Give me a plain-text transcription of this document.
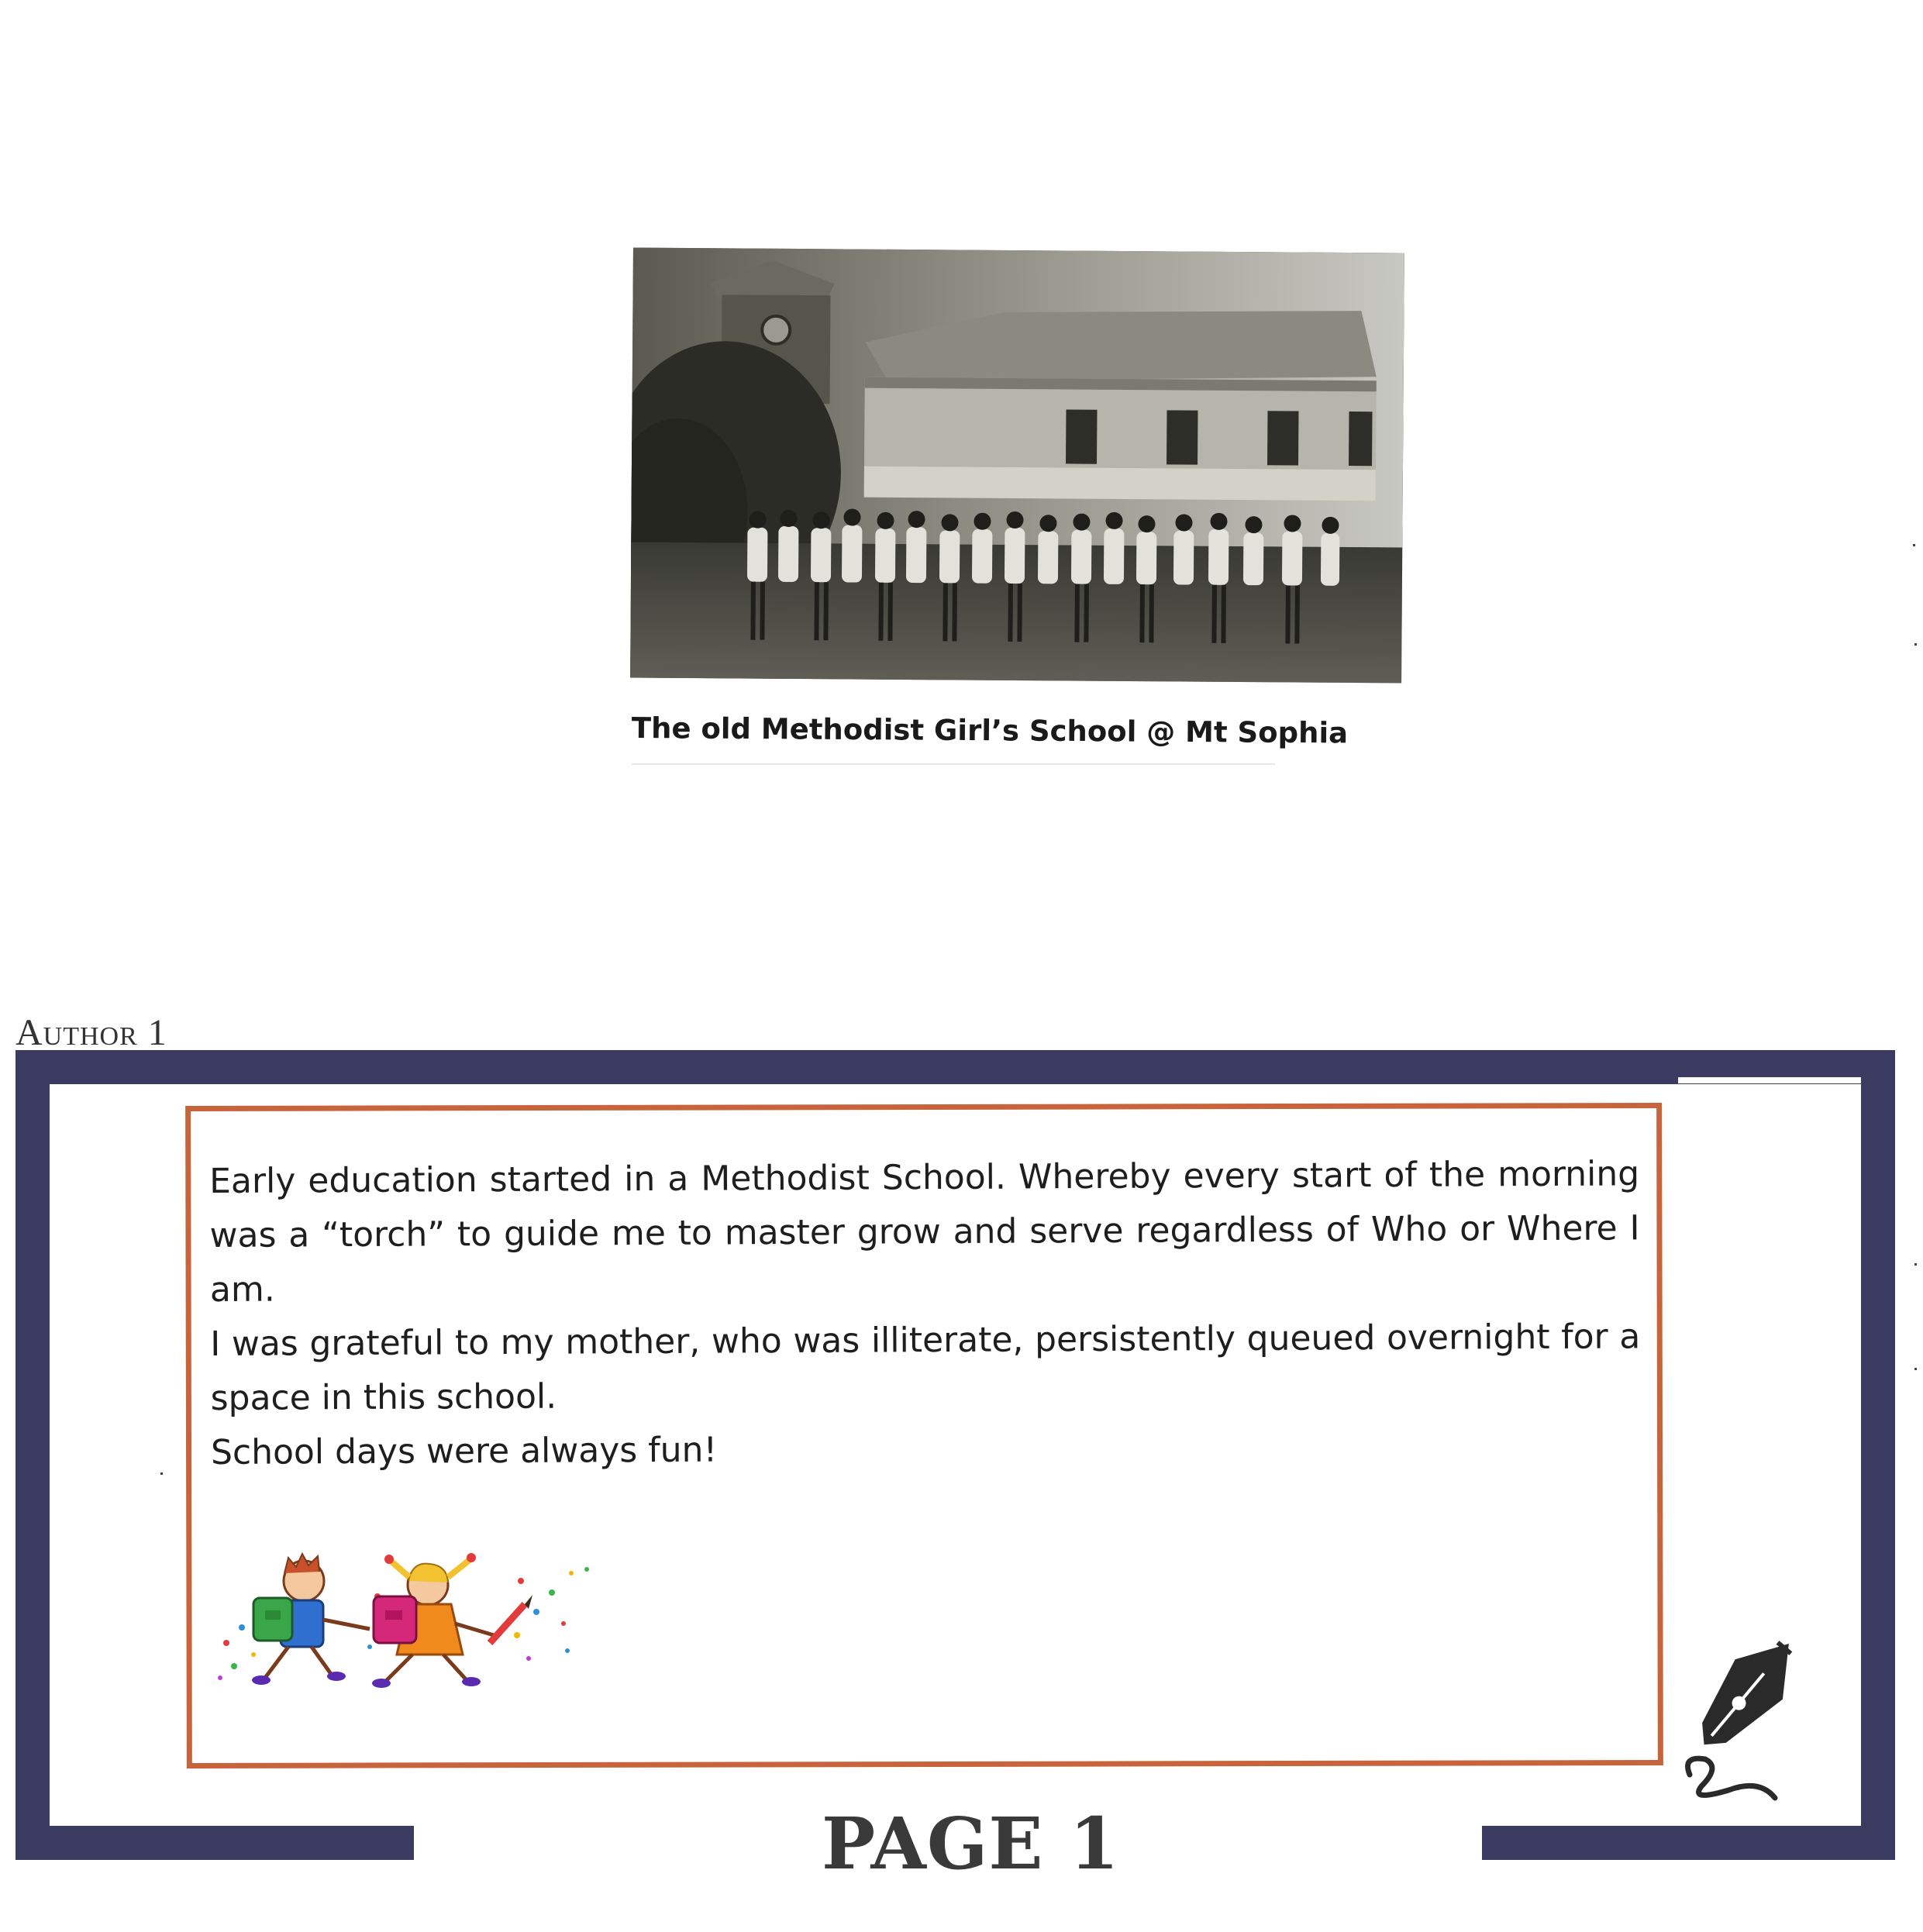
The old Methodist Girl’s School @ Mt Sophia
Author 1

Early education started in a Methodist School. Whereby every start of the morning was a “torch” to guide me to master grow and serve regardless of Who or Where I am.

I was grateful to my mother, who was illiterate, persistently queued overnight for a space in this school.

School days were always fun!

PAGE 1
